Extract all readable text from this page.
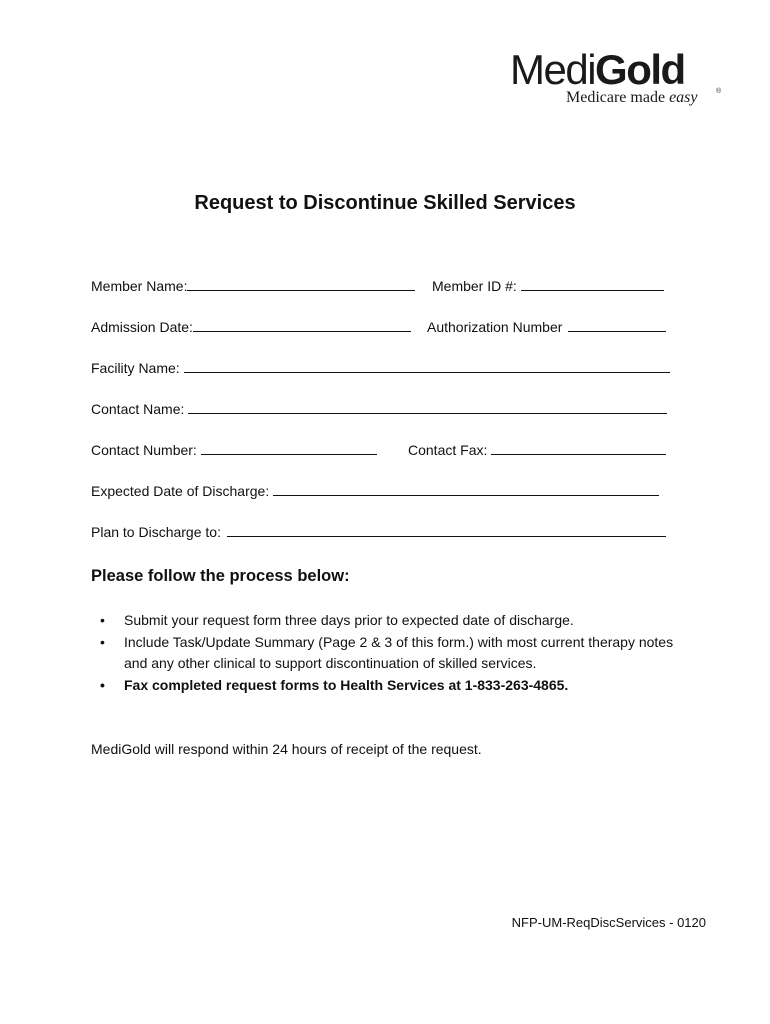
MediGold
Medicare made easy	®
Request to Discontinue Skilled Services
Member Name:	Member ID #:
Admission Date:	Authorization Number
Facility Name:
Contact Name:
Contact Number:	Contact Fax:
Expected Date of Discharge:
Plan to Discharge to:
Please follow the process below:
• Submit your request form three days prior to expected date of discharge.
• Include Task/Update Summary (Page 2 & 3 of this form.) with most current therapy notes and any other clinical to support discontinuation of skilled services.
• Fax completed request forms to Health Services at 1-833-263-4865.

MediGold will respond within 24 hours of receipt of the request.

NFP-UM-ReqDiscServices - 0120
